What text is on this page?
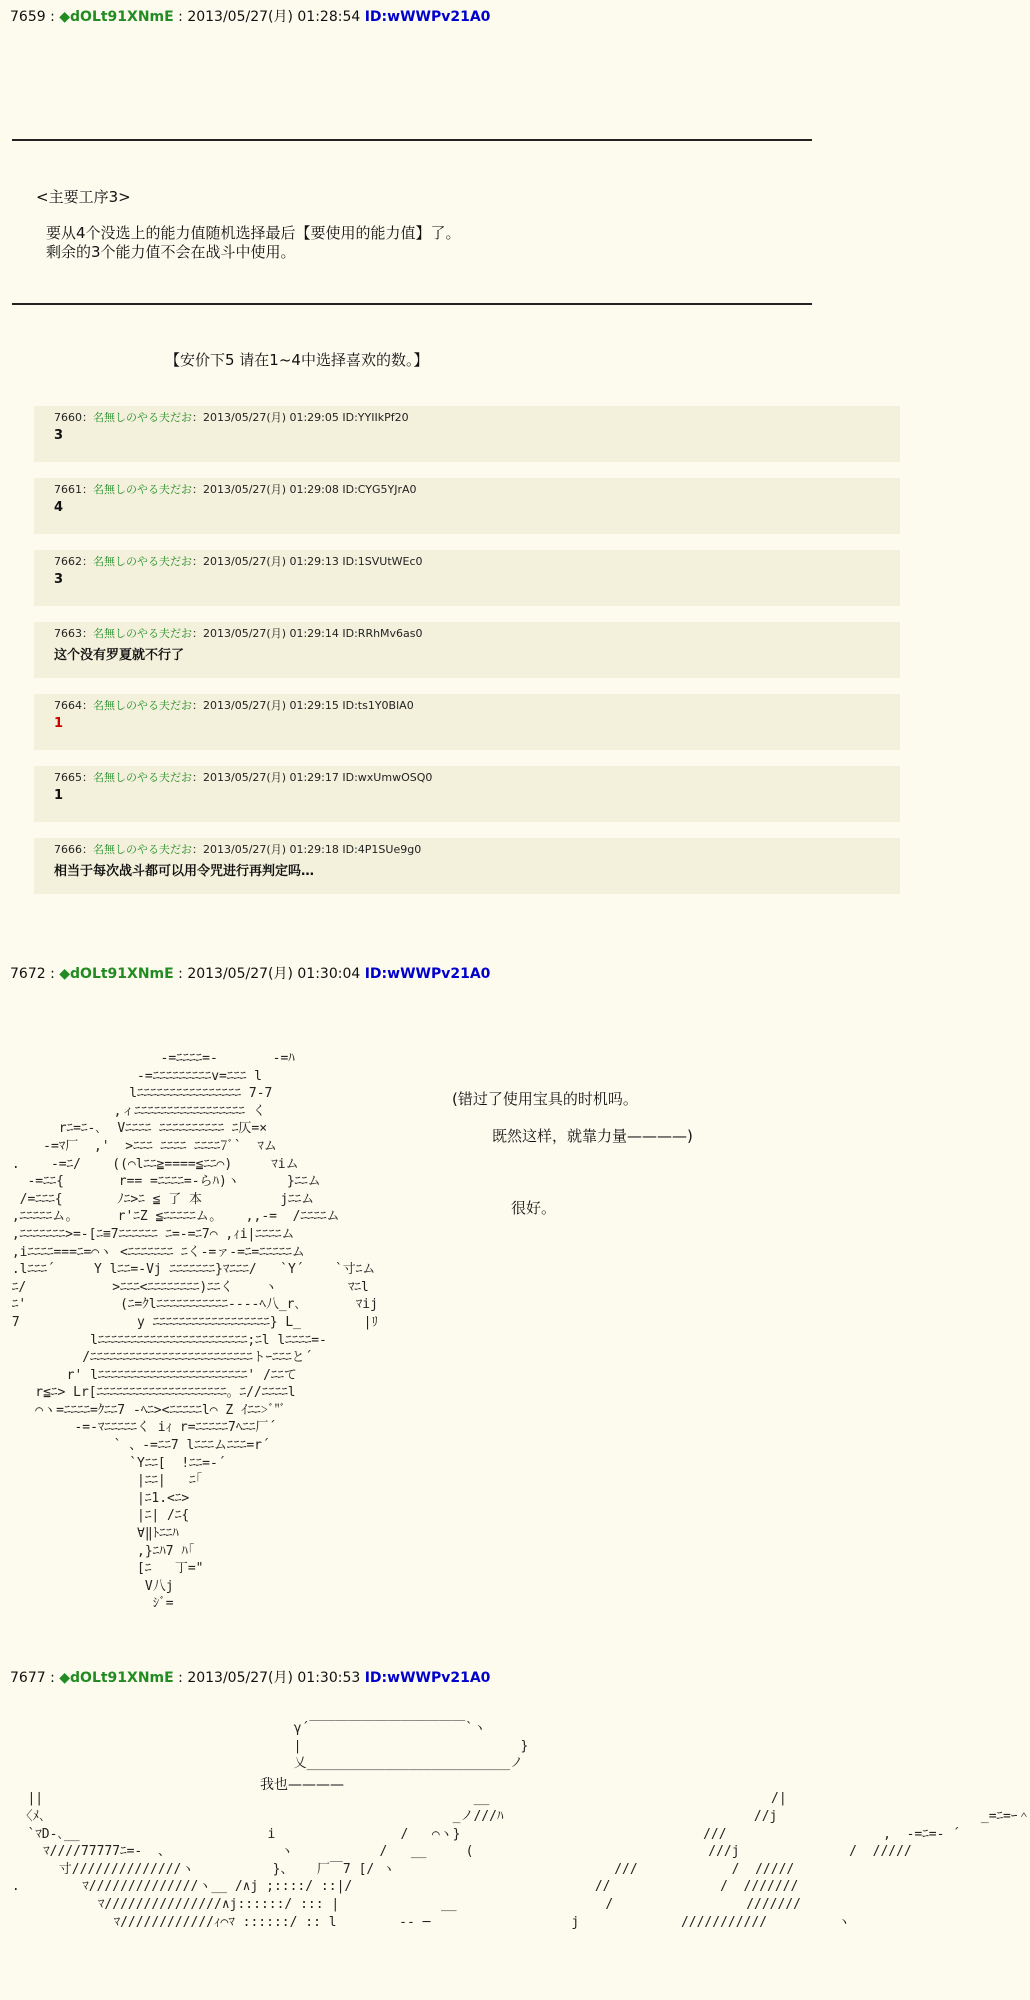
7659 : ◆dOLt91XNmE : 2013/05/27(月) 01:28:54 ID:wWWPv21A0
<主要工序3>
要从4个没选上的能力值随机选择最后【要使用的能力值】了。
剩余的3个能力值不会在战斗中使用。
【安价下5 请在1~4中选择喜欢的数。】
7660：名無しのやる夫だお：2013/05/27(月) 01:29:05 ID:YYIIkPf20
3
7661：名無しのやる夫だお：2013/05/27(月) 01:29:08 ID:CYG5YJrA0
4
7662：名無しのやる夫だお：2013/05/27(月) 01:29:13 ID:1SVUtWEc0
3
7663：名無しのやる夫だお：2013/05/27(月) 01:29:14 ID:RRhMv6as0
这个没有罗夏就不行了
7664：名無しのやる夫だお：2013/05/27(月) 01:29:15 ID:ts1Y0BlA0
1
7665：名無しのやる夫だお：2013/05/27(月) 01:29:17 ID:wxUmwOSQ0
1
7666：名無しのやる夫だお：2013/05/27(月) 01:29:18 ID:4P1SUe9g0
相当于每次战斗都可以用令咒进行再判定吗…
7672 : ◆dOLt91XNmE : 2013/05/27(月) 01:30:04 ID:wWWPv21A0
-=ﾆﾆﾆﾆ=-       -=ﾊ
-=ﾆﾆﾆﾆﾆﾆﾆﾆﾆv=ﾆﾆﾆ l
lﾆﾆﾆﾆﾆﾆﾆﾆﾆﾆﾆﾆﾆﾆﾆﾆ 7-7
,ィﾆﾆﾆﾆﾆﾆﾆﾆﾆﾆﾆﾆﾆﾆﾆﾆﾆ く
rﾆ=ﾆ-､  Vﾆﾆﾆﾆ ﾆﾆﾆﾆﾆﾆﾆﾆﾆﾆ ﾆ仄=×
-=ﾏ厂  ,'  >ﾆﾆﾆ ﾆﾆﾆﾆ ﾆﾆﾆﾆ7ﾞ`  ﾏム
.    -=ﾆ/    ((⌒lﾆﾆ≧====≦ﾆﾆ⌒)     ﾏiム
-=ﾆﾆ{       r== =ﾆﾆﾆﾆ=-らﾊ)ヽ      }ﾆﾆム
/=ﾆﾆﾆ{       ﾉﾆ>ﾆ ≦ 了 本          jﾆﾆム
,ﾆﾆﾆﾆﾆム。     r'ﾆZ ≦ﾆﾆﾆﾆﾆム。   ,,-=  /ﾆﾆﾆﾆム
,ﾆﾆﾆﾆﾆﾆﾆ>=-[ﾆ≡7ﾆﾆﾆﾆﾆﾆ ﾆ=-=ﾆ7⌒ ,ｨi|ﾆﾆﾆﾆム
,iﾆﾆﾆﾆ===ﾆ=⌒ヽ <ﾆﾆﾆﾆﾆﾆﾆ ﾆく-=ァ-=ﾆ=ﾆﾆﾆﾆﾆム
.lﾆﾆﾆ´     Y lﾆﾆ=-Vj ﾆﾆﾆﾆﾆﾆﾆ}ﾏﾆﾆﾆ/   `Y´    `寸ﾆム
ﾆ/           >ﾆﾆﾆ<ﾆﾆﾆﾆﾆﾆﾆﾆ)ﾆﾆく    ヽ         ﾏﾆl
ﾆ'            (ﾆ=ｸlﾆﾆﾆﾆﾆﾆﾆﾆﾆﾆﾆ----ﾍ八_r､       ﾏij
7               y ﾆﾆﾆﾆﾆﾆﾆﾆﾆﾆﾆﾆﾆﾆﾆﾆﾆﾆ} L_        |ﾘ
lﾆﾆﾆﾆﾆﾆﾆﾆﾆﾆﾆﾆﾆﾆﾆﾆﾆﾆﾆﾆﾆﾆﾆ;ﾆl lﾆﾆﾆﾆ=-
/ﾆﾆﾆﾆﾆﾆﾆﾆﾆﾆﾆﾆﾆﾆﾆﾆﾆﾆﾆﾆﾆﾆﾆﾆﾆトｰﾆﾆﾆと´
r' lﾆﾆﾆﾆﾆﾆﾆﾆﾆﾆﾆﾆﾆﾆﾆﾆﾆﾆﾆﾆﾆﾆﾆ' /ﾆﾆて
r≦ﾆ> Lr[ﾆﾆﾆﾆﾆﾆﾆﾆﾆﾆﾆﾆﾆﾆﾆﾆﾆﾆﾆﾆ。ﾆ//ﾆﾆﾆﾆl
⌒ヽ=ﾆﾆﾆﾆ=ｸﾆﾆ7 -ﾍﾆ><ﾆﾆﾆﾆﾆl⌒ Z ｲﾆﾆ>ﾞ"ﾞ
-=-ﾏﾆﾆﾆﾆﾆく iｨ r=ﾆﾆﾆﾆﾆ7ﾍﾆﾆ厂´
` 、-=ﾆﾆ7 lﾆﾆﾆムﾆﾆﾆ=r´
`Yﾆﾆ[  !ﾆﾆ=-´
|ﾆﾆ|   ﾆ｢
|ﾆ1.<ﾆ>
|ﾆ| /ﾆ{
∀‖ﾄﾆﾆﾊ
,}ﾆﾊ7 ﾊ｢
[ﾆ   丁="
V八j
ｼﾞ=
(错过了使用宝具的时机吗。
既然这样，就靠力量————)
很好。
7677 : ◆dOLt91XNmE : 2013/05/27(月) 01:30:53 ID:wWWPv21A0
γ´￣￣￣￣￣￣￣￣￣￣￣￣`ヽ
|                            }
乂__________________________ノ

||                                                       __                                    /|
〈ﾒ､                                                    _ノ///ﾊ                                //j                          _=ﾆ=ｰ＾
`ﾏD-､__                        i                /   ⌒ヽ}                               ///                    ,  -=ﾆ=- ´
ﾏ////77777ﾆ=-  、              ヽ           /   __     (                              ///j              /  /////
寸//////////////ヽ          }、   厂￣7 [/ ヽ                            ///            /  /////
.        ﾏ//////////////ヽ__ /∧j ;::::/ ::|/                               //              /  ///////
ﾏ///////////////∧j::::::/ ::: |             __                   /                 ///////
ﾏ////////////ｨ⌒ﾏ ::::::/ :: l        -- ─                  j             ///////////         ヽ
我也————
